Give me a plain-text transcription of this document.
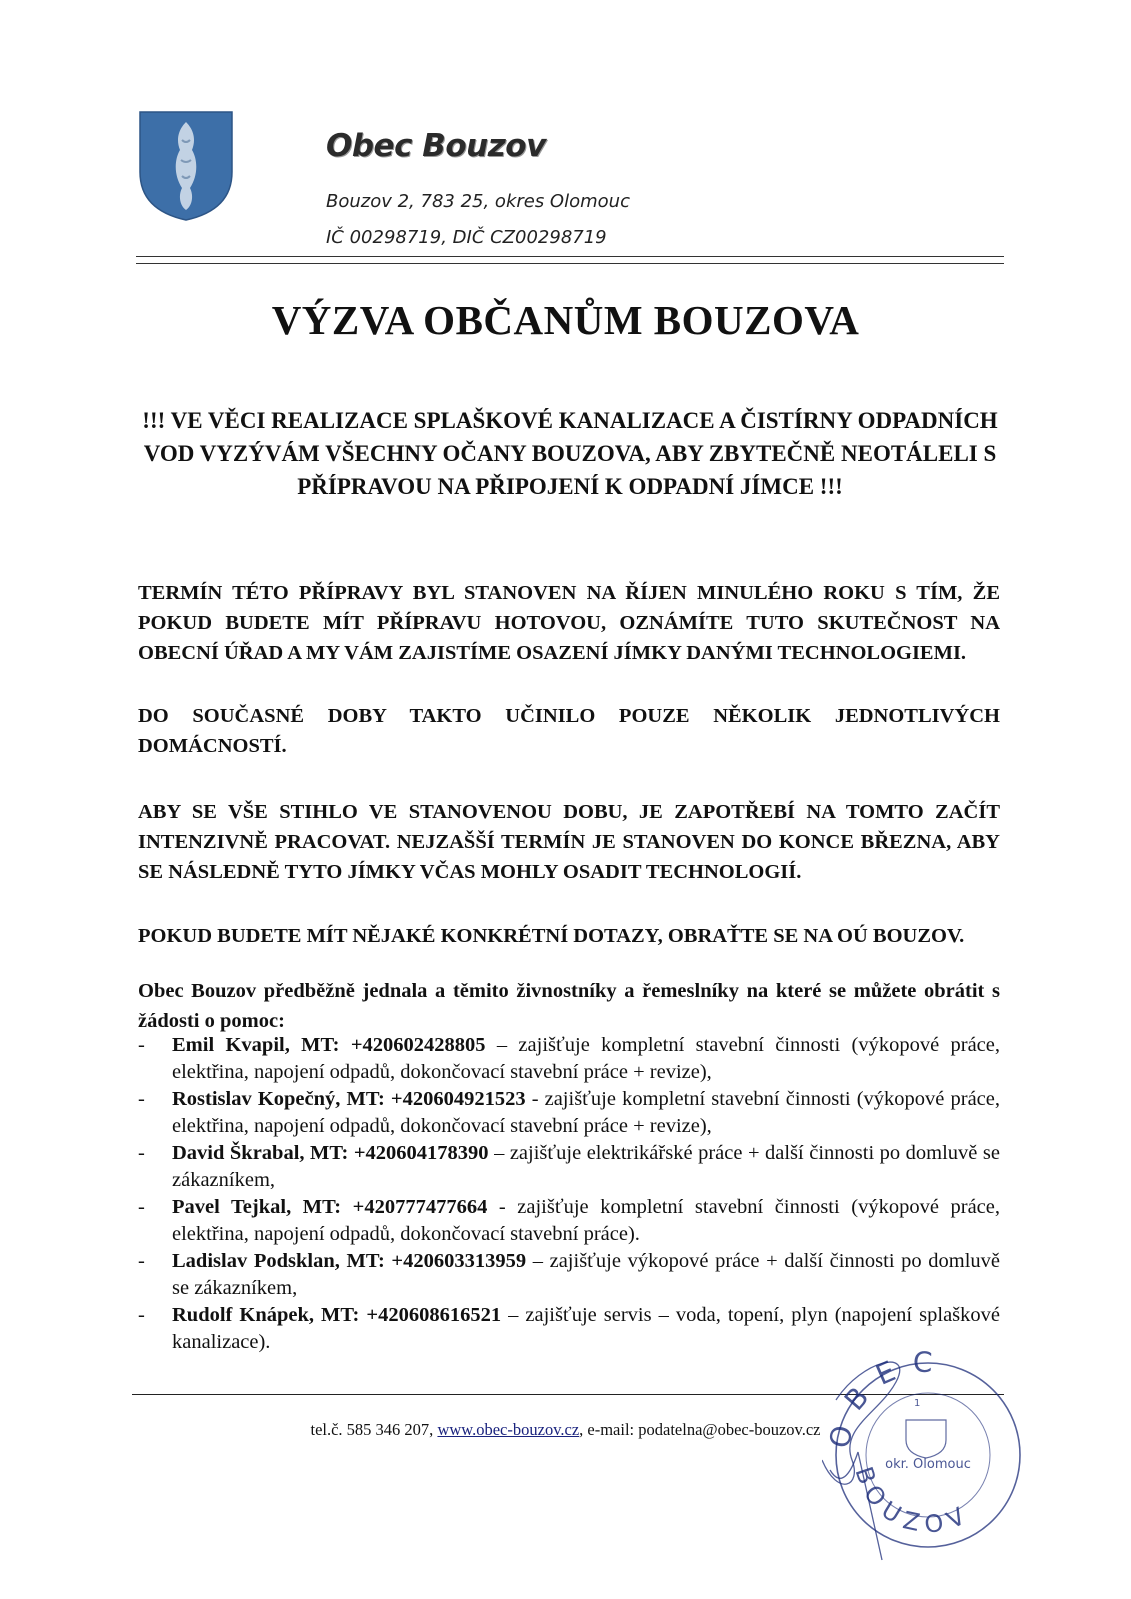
Obec Bouzov
Bouzov 2, 783 25, okres Olomouc
IČ 00298719, DIČ CZ00298719
VÝZVA OBČANŮM BOUZOVA
!!! VE VĚCI REALIZACE SPLAŠKOVÉ KANALIZACE A ČISTÍRNY ODPADNÍCH VOD VYZÝVÁM VŠECHNY OČANY BOUZOVA, ABY ZBYTEČNĚ NEOTÁLELI S PŘÍPRAVOU NA PŘIPOJENÍ K ODPADNÍ JÍMCE !!!
TERMÍN TÉTO PŘÍPRAVY BYL STANOVEN NA ŘÍJEN MINULÉHO ROKU S TÍM, ŽE POKUD BUDETE MÍT PŘÍPRAVU HOTOVOU, OZNÁMÍTE TUTO SKUTEČNOST NA OBECNÍ ÚŘAD A MY VÁM ZAJISTÍME OSAZENÍ JÍMKY DANÝMI TECHNOLOGIEMI.
DO SOUČASNÉ DOBY TAKTO UČINILO POUZE NĚKOLIK JEDNOTLIVÝCH DOMÁCNOSTÍ.
ABY SE VŠE STIHLO VE STANOVENOU DOBU, JE ZAPOTŘEBÍ NA TOMTO ZAČÍT INTENZIVNĚ PRACOVAT. NEJZAŠŠÍ TERMÍN JE STANOVEN DO KONCE BŘEZNA, ABY SE NÁSLEDNĚ TYTO JÍMKY VČAS MOHLY OSADIT TECHNOLOGIÍ.
POKUD BUDETE MÍT NĚJAKÉ KONKRÉTNÍ DOTAZY, OBRAŤTE SE NA OÚ BOUZOV.
Obec Bouzov předběžně jednala a těmito živnostníky a řemeslníky na které se můžete obrátit s žádosti o pomoc:
- Emil Kvapil, MT: +420602428805 – zajišťuje kompletní stavební činnosti (výkopové práce, elektřina, napojení odpadů, dokončovací stavební práce + revize),
- Rostislav Kopečný, MT: +420604921523 - zajišťuje kompletní stavební činnosti (výkopové práce, elektřina, napojení odpadů, dokončovací stavební práce + revize),
- David Škrabal, MT: +420604178390 – zajišťuje elektrikářské práce + další činnosti po domluvě se zákazníkem,
- Pavel Tejkal, MT: +420777477664 - zajišťuje kompletní stavební činnosti (výkopové práce, elektřina, napojení odpadů, dokončovací stavební práce).
- Ladislav Podsklan, MT: +420603313959 – zajišťuje výkopové práce + další činnosti po domluvě se zákazníkem,
- Rudolf Knápek, MT: +420608616521 – zajišťuje servis – voda, topení, plyn (napojení splaškové kanalizace).
tel.č. 585 346 207, www.obec-bouzov.cz, e-mail: podatelna@obec-bouzov.cz OBEC
BOUZOV
okr. Olomouc
1
